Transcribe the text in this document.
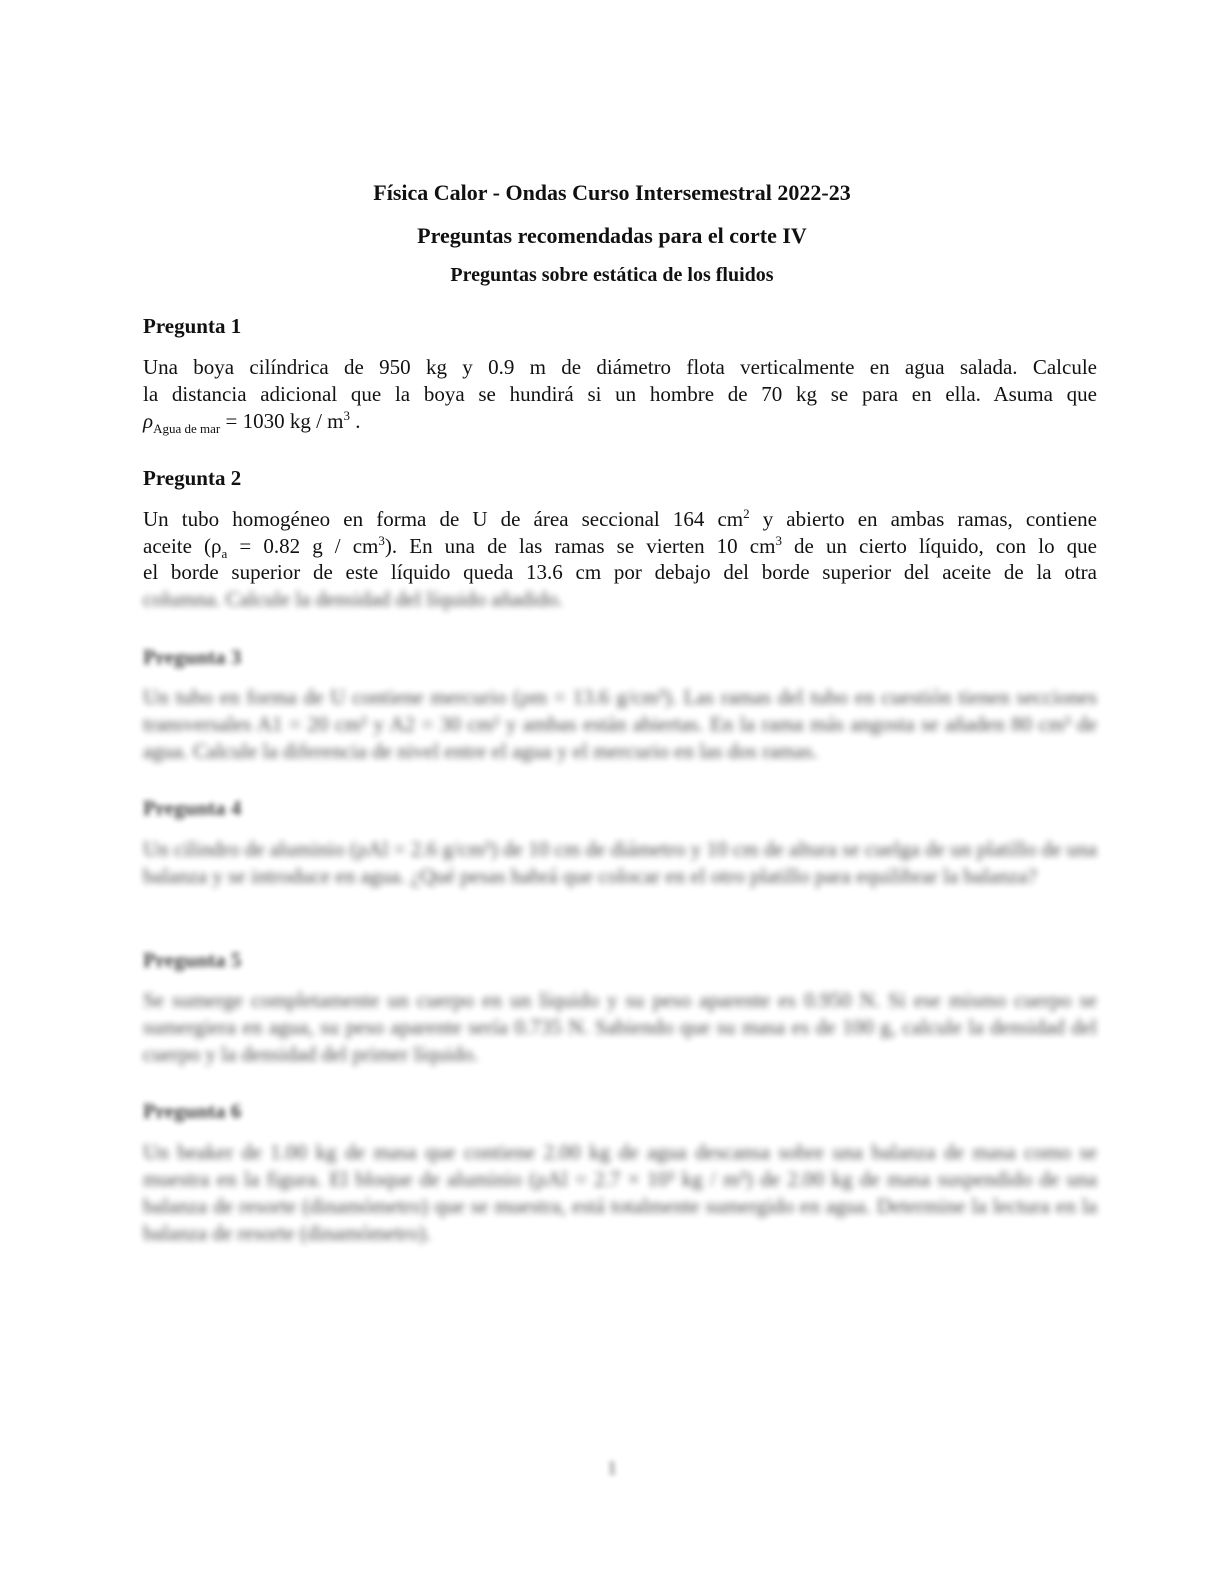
Física Calor - Ondas Curso Intersemestral 2022-23
Preguntas recomendadas para el corte IV
Preguntas sobre estática de los fluidos
Pregunta 1
Una boya cilíndrica de 950 kg y 0.9 m de diámetro flota verticalmente en agua salada. Calcule
la distancia adicional que la boya se hundirá si un hombre de 70 kg se para en ella. Asuma que
$\rho_{Agua de mar} = 1030$ kg / $m^3$ .
Pregunta 2
Un tubo homogéneo en forma de U de área seccional 164 $cm^2$ y abierto en ambas ramas, contiene
aceite ($\rho_a = 0.82$ g / $cm^3$). En una de las ramas se vierten 10 $cm^3$ de un cierto líquido, con lo que
el borde superior de este líquido queda 13.6 cm por debajo del borde superior del aceite de la otra
columna. Calcule la densidad del líquido añadido.
Pregunta 3
Un tubo en forma de U contiene mercurio (ρm = 13.6 g/cm³). Las ramas del tubo en cuestión tienen secciones transversales A1 = 20 cm² y A2 = 30 cm² y ambas están abiertas. En la rama más angosta se añaden 80 cm³ de agua. Calcule la diferencia de nivel entre el agua y el mercurio en las dos ramas.
Pregunta 4
Un cilindro de aluminio (ρAl = 2.6 g/cm³) de 10 cm de diámetro y 10 cm de altura se cuelga de un platillo de una balanza y se introduce en agua. ¿Qué pesas habrá que colocar en el otro platillo para equilibrar la balanza?
Pregunta 5
Se sumerge completamente un cuerpo en un líquido y su peso aparente es 0.950 N. Si ese mismo cuerpo se sumergiera en agua, su peso aparente sería 0.735 N. Sabiendo que su masa es de 100 g, calcule la densidad del cuerpo y la densidad del primer líquido.
Pregunta 6
Un beaker de 1.00 kg de masa que contiene 2.00 kg de agua descansa sobre una balanza de masa como se muestra en la figura. El bloque de aluminio (ρAl = 2.7 × 10³ kg / m³) de 2.00 kg de masa suspendido de una balanza de resorte (dinamómetro) que se muestra, está totalmente sumergido en agua. Determine la lectura en la balanza de resorte (dinamómetro).
1
